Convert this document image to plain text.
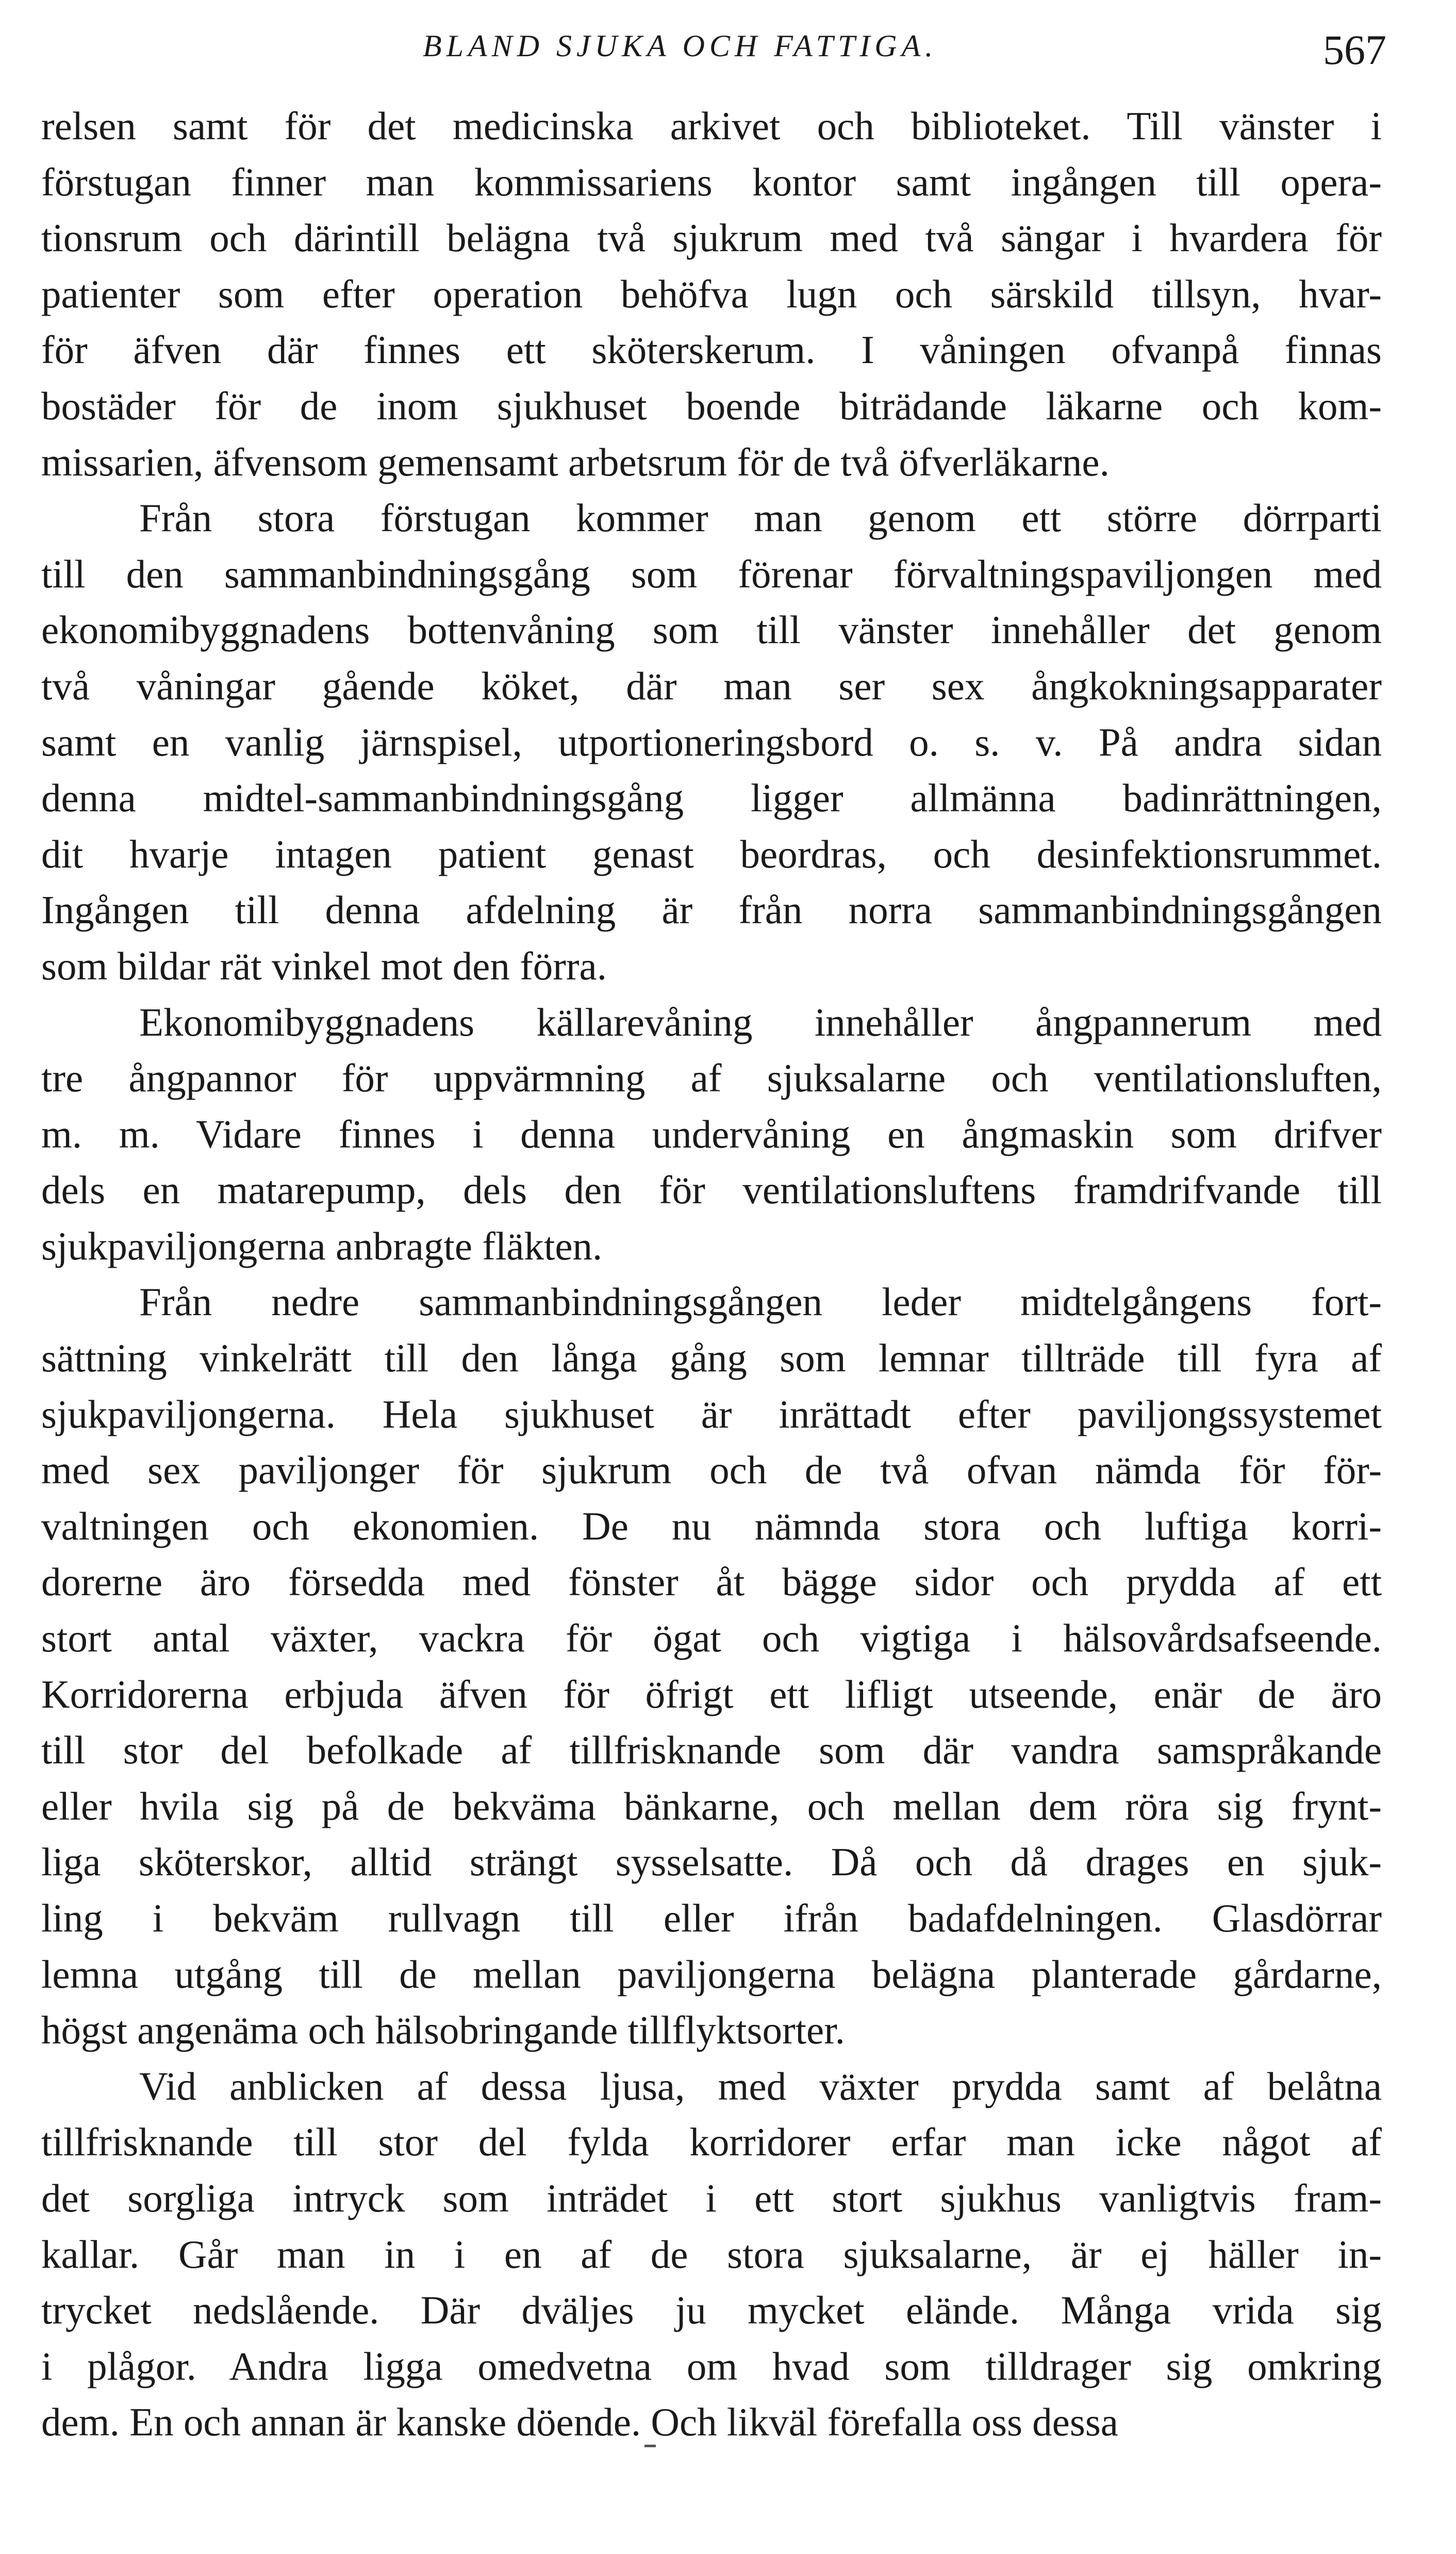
BLAND SJUKA OCH FATTIGA.	567
relsen samt för det medicinska arkivet och biblioteket. Till vänster i
förstugan finner man kommissariens kontor samt ingången till opera-
tionsrum och därintill belägna två sjukrum med två sängar i hvardera för
patienter som efter operation behöfva lugn och särskild tillsyn, hvar-
för äfven där finnes ett sköterskerum. I våningen ofvanpå finnas
bostäder för de inom sjukhuset boende biträdande läkarne och kom-
missarien, äfvensom gemensamt arbetsrum för de två öfverläkarne.
Från stora förstugan kommer man genom ett större dörrparti
till den sammanbindningsgång som förenar förvaltningspaviljongen med
ekonomibyggnadens bottenvåning som till vänster innehåller det genom
två våningar gående köket, där man ser sex ångkokningsapparater
samt en vanlig järnspisel, utportioneringsbord o. s. v. På andra sidan
denna midtel-sammanbindningsgång ligger allmänna badinrättningen,
dit hvarje intagen patient genast beordras, och desinfektionsrummet.
Ingången till denna afdelning är från norra sammanbindningsgången
som bildar rät vinkel mot den förra.
Ekonomibyggnadens källarevåning innehåller ångpannerum med
tre ångpannor för uppvärmning af sjuksalarne och ventilationsluften,
m. m. Vidare finnes i denna undervåning en ångmaskin som drifver
dels en matarepump, dels den för ventilationsluftens framdrifvande till
sjukpaviljongerna anbragte fläkten.
Från nedre sammanbindningsgången leder midtelgångens fort-
sättning vinkelrätt till den långa gång som lemnar tillträde till fyra af
sjukpaviljongerna. Hela sjukhuset är inrättadt efter paviljongssystemet
med sex paviljonger för sjukrum och de två ofvan nämda för för-
valtningen och ekonomien. De nu nämnda stora och luftiga korri-
dorerne äro försedda med fönster åt bägge sidor och prydda af ett
stort antal växter, vackra för ögat och vigtiga i hälsovårdsafseende.
Korridorerna erbjuda äfven för öfrigt ett lifligt utseende, enär de äro
till stor del befolkade af tillfrisknande som där vandra samspråkande
eller hvila sig på de bekväma bänkarne, och mellan dem röra sig frynt-
liga sköterskor, alltid strängt sysselsatte. Då och då drages en sjuk-
ling i bekväm rullvagn till eller ifrån badafdelningen. Glasdörrar
lemna utgång till de mellan paviljongerna belägna planterade gårdarne,
högst angenäma och hälsobringande tillflyktsorter.
Vid anblicken af dessa ljusa, med växter prydda samt af belåtna
tillfrisknande till stor del fylda korridorer erfar man icke något af
det sorgliga intryck som inträdet i ett stort sjukhus vanligtvis fram-
kallar. Går man in i en af de stora sjuksalarne, är ej häller in-
trycket nedslående. Där dväljes ju mycket elände. Många vrida sig
i plågor. Andra ligga omedvetna om hvad som tilldrager sig omkring
dem. En och annan är kanske döende. Och likväl förefalla oss dessa
